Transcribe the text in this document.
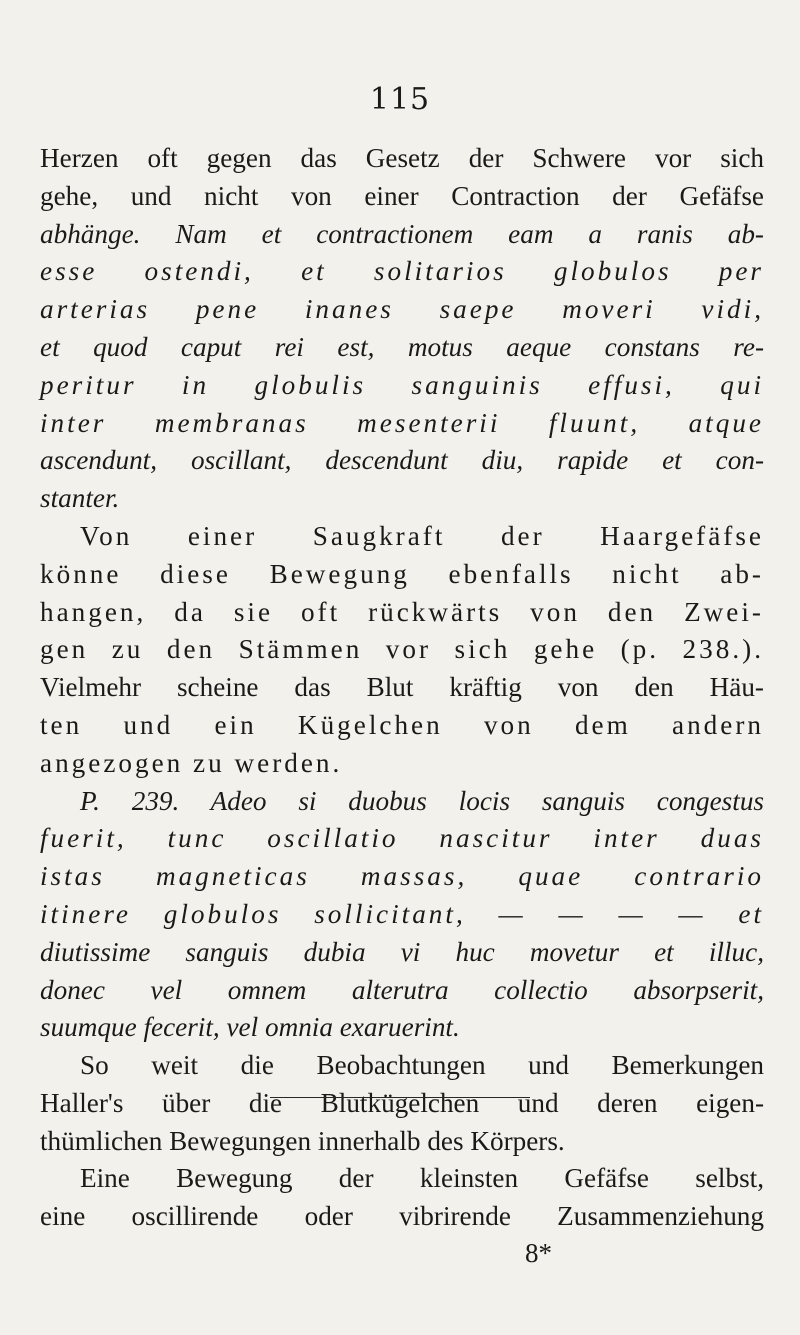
115
Herzen oft gegen das Gesetz der Schwere vor sich
gehe, und nicht von einer Contraction der Gefäfse
abhänge. Nam et contractionem eam a ranis ab-
esse ostendi, et solitarios globulos per
arterias pene inanes saepe moveri vidi,
et quod caput rei est, motus aeque constans re-
peritur in globulis sanguinis effusi, qui
inter membranas mesenterii fluunt, atque
ascendunt, oscillant, descendunt diu, rapide et con-
stanter.
Von einer Saugkraft der Haargefäfse
könne diese Bewegung ebenfalls nicht ab-
hangen, da sie oft rückwärts von den Zwei-
gen zu den Stämmen vor sich gehe (p. 238.).
Vielmehr scheine das Blut kräftig von den Häu-
ten und ein Kügelchen von dem andern
angezogen zu werden.
P. 239. Adeo si duobus locis sanguis congestus
fuerit, tunc oscillatio nascitur inter duas
istas magneticas massas, quae contrario
itinere globulos sollicitant, — — — — et
diutissime sanguis dubia vi huc movetur et illuc,
donec vel omnem alterutra collectio absorpserit,
suumque fecerit, vel omnia exaruerint.
So weit die Beobachtungen und Bemerkungen
Haller's über die Blutkügelchen und deren eigen-
thümlichen Bewegungen innerhalb des Körpers.
Eine Bewegung der kleinsten Gefäfse selbst,
eine oscillirende oder vibrirende Zusammenziehung
8*
